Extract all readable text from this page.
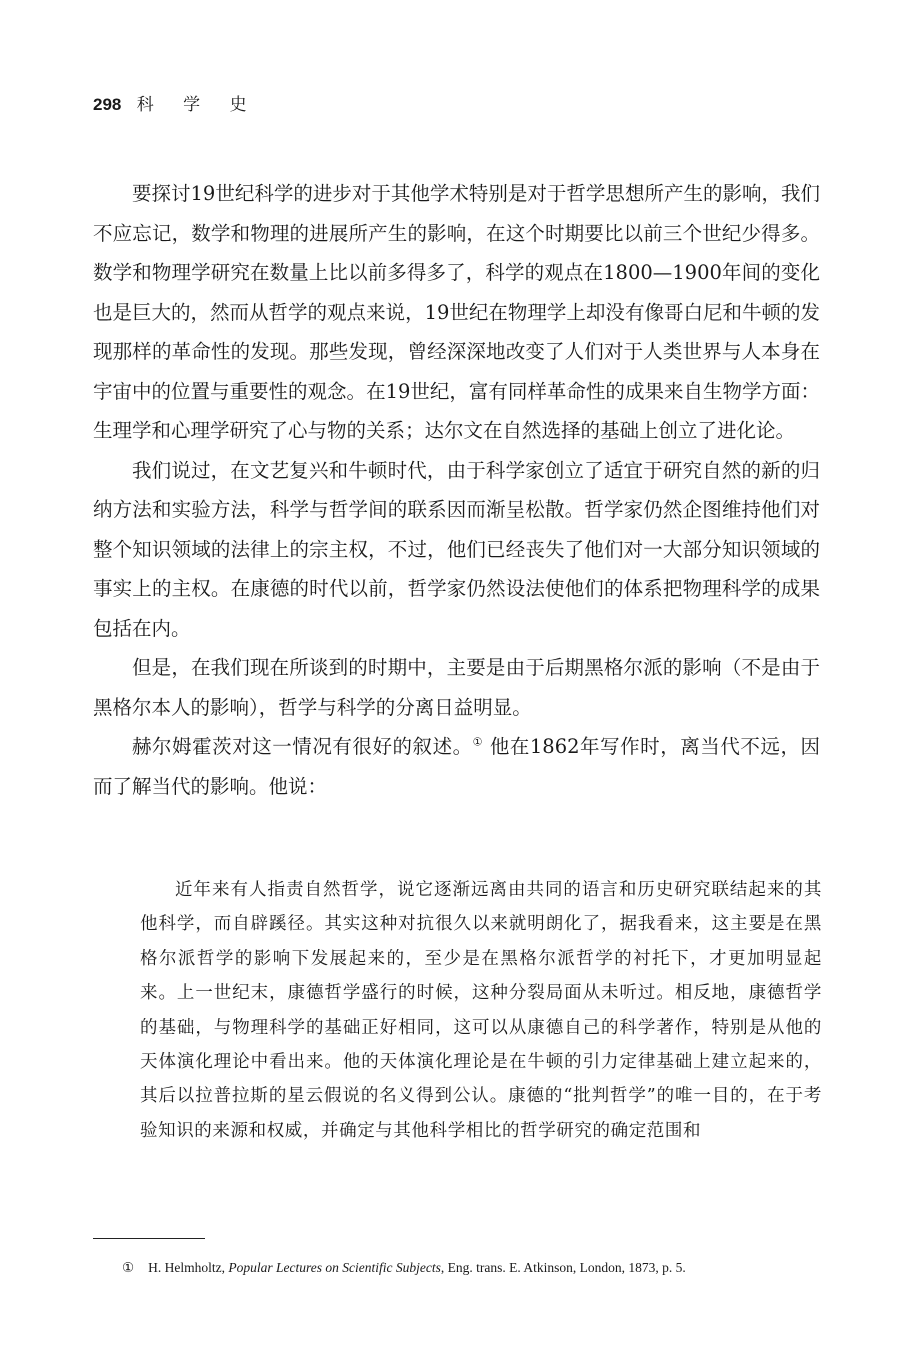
298 科 学 史

要探讨19世纪科学的进步对于其他学术特别是对于哲学思想所产生的影响，我们不应忘记，数学和物理的进展所产生的影响，在这个时期要比以前三个世纪少得多。数学和物理学研究在数量上比以前多得多了，科学的观点在1800—1900年间的变化也是巨大的，然而从哲学的观点来说，19世纪在物理学上却没有像哥白尼和牛顿的发现那样的革命性的发现。那些发现，曾经深深地改变了人们对于人类世界与人本身在宇宙中的位置与重要性的观念。在19世纪，富有同样革命性的成果来自生物学方面：生理学和心理学研究了心与物的关系；达尔文在自然选择的基础上创立了进化论。

我们说过，在文艺复兴和牛顿时代，由于科学家创立了适宜于研究自然的新的归纳方法和实验方法，科学与哲学间的联系因而渐呈松散。哲学家仍然企图维持他们对整个知识领域的法律上的宗主权，不过，他们已经丧失了他们对一大部分知识领域的事实上的主权。在康德的时代以前，哲学家仍然设法使他们的体系把物理科学的成果包括在内。

但是，在我们现在所谈到的时期中，主要是由于后期黑格尔派的影响（不是由于黑格尔本人的影响），哲学与科学的分离日益明显。

赫尔姆霍茨对这一情况有很好的叙述。① 他在1862年写作时，离当代不远，因而了解当代的影响。他说：

近年来有人指责自然哲学，说它逐渐远离由共同的语言和历史研究联结起来的其他科学，而自辟蹊径。其实这种对抗很久以来就明朗化了，据我看来，这主要是在黑格尔派哲学的影响下发展起来的，至少是在黑格尔派哲学的衬托下，才更加明显起来。上一世纪末，康德哲学盛行的时候，这种分裂局面从未听过。相反地，康德哲学的基础，与物理科学的基础正好相同，这可以从康德自己的科学著作，特别是从他的天体演化理论中看出来。他的天体演化理论是在牛顿的引力定律基础上建立起来的，其后以拉普拉斯的星云假说的名义得到公认。康德的“批判哲学”的唯一目的，在于考验知识的来源和权威，并确定与其他科学相比的哲学研究的确定范围和

① H. Helmholtz, Popular Lectures on Scientific Subjects, Eng. trans. E. Atkinson, London, 1873, p. 5.
